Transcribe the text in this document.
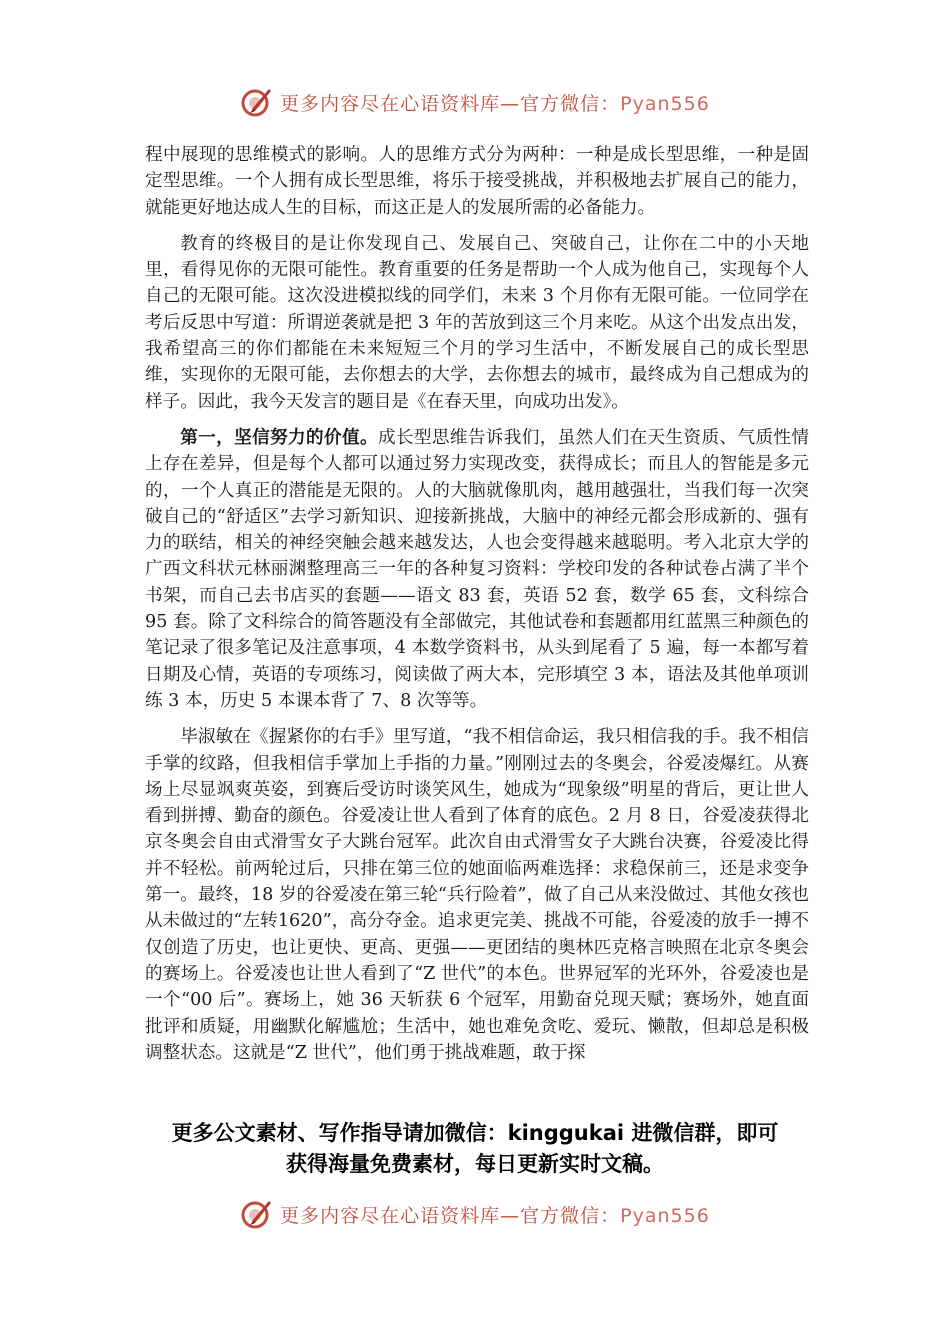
更多内容尽在心语资料库—官方微信：Pyan556

程中展现的思维模式的影响。人的思维方式分为两种：一种是成长型思维，一种是固定型思维。一个人拥有成长型思维，将乐于接受挑战，并积极地去扩展自己的能力，就能更好地达成人生的目标，而这正是人的发展所需的必备能力。

教育的终极目的是让你发现自己、发展自己、突破自己，让你在二中的小天地里，看得见你的无限可能性。教育重要的任务是帮助一个人成为他自己，实现每个人自己的无限可能。这次没进模拟线的同学们，未来 3 个月你有无限可能。一位同学在考后反思中写道：所谓逆袭就是把 3 年的苦放到这三个月来吃。从这个出发点出发，我希望高三的你们都能在未来短短三个月的学习生活中，不断发展自己的成长型思维，实现你的无限可能，去你想去的大学，去你想去的城市，最终成为自己想成为的样子。因此，我今天发言的题目是《在春天里，向成功出发》。

第一，坚信努力的价值。成长型思维告诉我们，虽然人们在天生资质、气质性情上存在差异，但是每个人都可以通过努力实现改变，获得成长；而且人的智能是多元的，一个人真正的潜能是无限的。人的大脑就像肌肉，越用越强壮，当我们每一次突破自己的“舒适区”去学习新知识、迎接新挑战，大脑中的神经元都会形成新的、强有力的联结，相关的神经突触会越来越发达，人也会变得越来越聪明。考入北京大学的广西文科状元林丽渊整理高三一年的各种复习资料：学校印发的各种试卷占满了半个书架，而自己去书店买的套题——语文 83 套，英语 52 套，数学 65 套，文科综合 95 套。除了文科综合的简答题没有全部做完，其他试卷和套题都用红蓝黑三种颜色的笔记录了很多笔记及注意事项，4 本数学资料书，从头到尾看了 5 遍，每一本都写着日期及心情，英语的专项练习，阅读做了两大本，完形填空 3 本，语法及其他单项训练 3 本，历史 5 本课本背了 7、8 次等等。

毕淑敏在《握紧你的右手》里写道，“我不相信命运，我只相信我的手。我不相信手掌的纹路，但我相信手掌加上手指的力量。”刚刚过去的冬奥会，谷爱凌爆红。从赛场上尽显飒爽英姿，到赛后受访时谈笑风生，她成为“现象级”明星的背后，更让世人看到拼搏、勤奋的颜色。谷爱凌让世人看到了体育的底色。2 月 8 日，谷爱凌获得北京冬奥会自由式滑雪女子大跳台冠军。此次自由式滑雪女子大跳台决赛，谷爱凌比得并不轻松。前两轮过后，只排在第三位的她面临两难选择：求稳保前三，还是求变争第一。最终，18 岁的谷爱凌在第三轮“兵行险着”，做了自己从来没做过、其他女孩也从未做过的“左转1620”，高分夺金。追求更完美、挑战不可能，谷爱凌的放手一搏不仅创造了历史，也让更快、更高、更强——更团结的奥林匹克格言映照在北京冬奥会的赛场上。谷爱凌也让世人看到了“Z 世代”的本色。世界冠军的光环外，谷爱凌也是一个“00 后”。赛场上，她 36 天斩获 6 个冠军，用勤奋兑现天赋；赛场外，她直面批评和质疑，用幽默化解尴尬；生活中，她也难免贪吃、爱玩、懒散，但却总是积极调整状态。这就是“Z 世代”，他们勇于挑战难题，敢于探

更多公文素材、写作指导请加微信：kinggukai 进微信群，即可
获得海量免费素材，每日更新实时文稿。
更多内容尽在心语资料库—官方微信：Pyan556
